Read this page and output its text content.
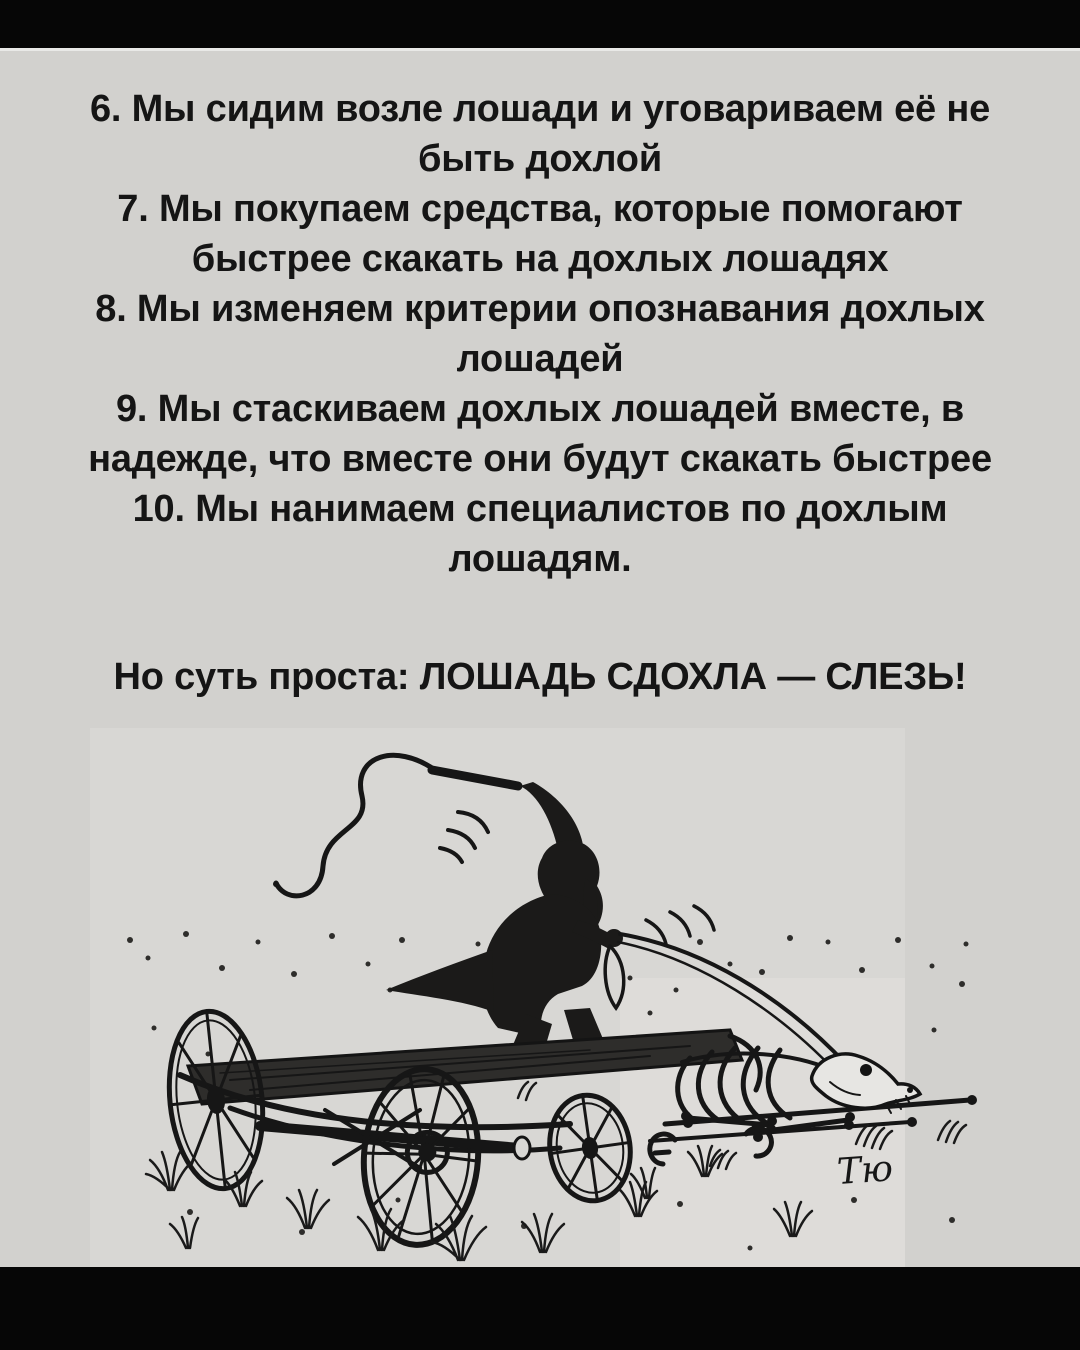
6. Мы сидим возле лошади и уговариваем её не быть дохлой

7. Мы покупаем средства, которые помогают быстрее скакать на дохлых лошадях

8. Мы изменяем критерии опознавания дохлых лошадей

9. Мы стаскиваем дохлых лошадей вместе, в надежде, что вместе они будут скакать быстрее

10. Мы нанимаем специалистов по дохлым лошадям.

Но суть проста: ЛОШАДЬ СДОХЛА — СЛЕЗЬ!
Тю
